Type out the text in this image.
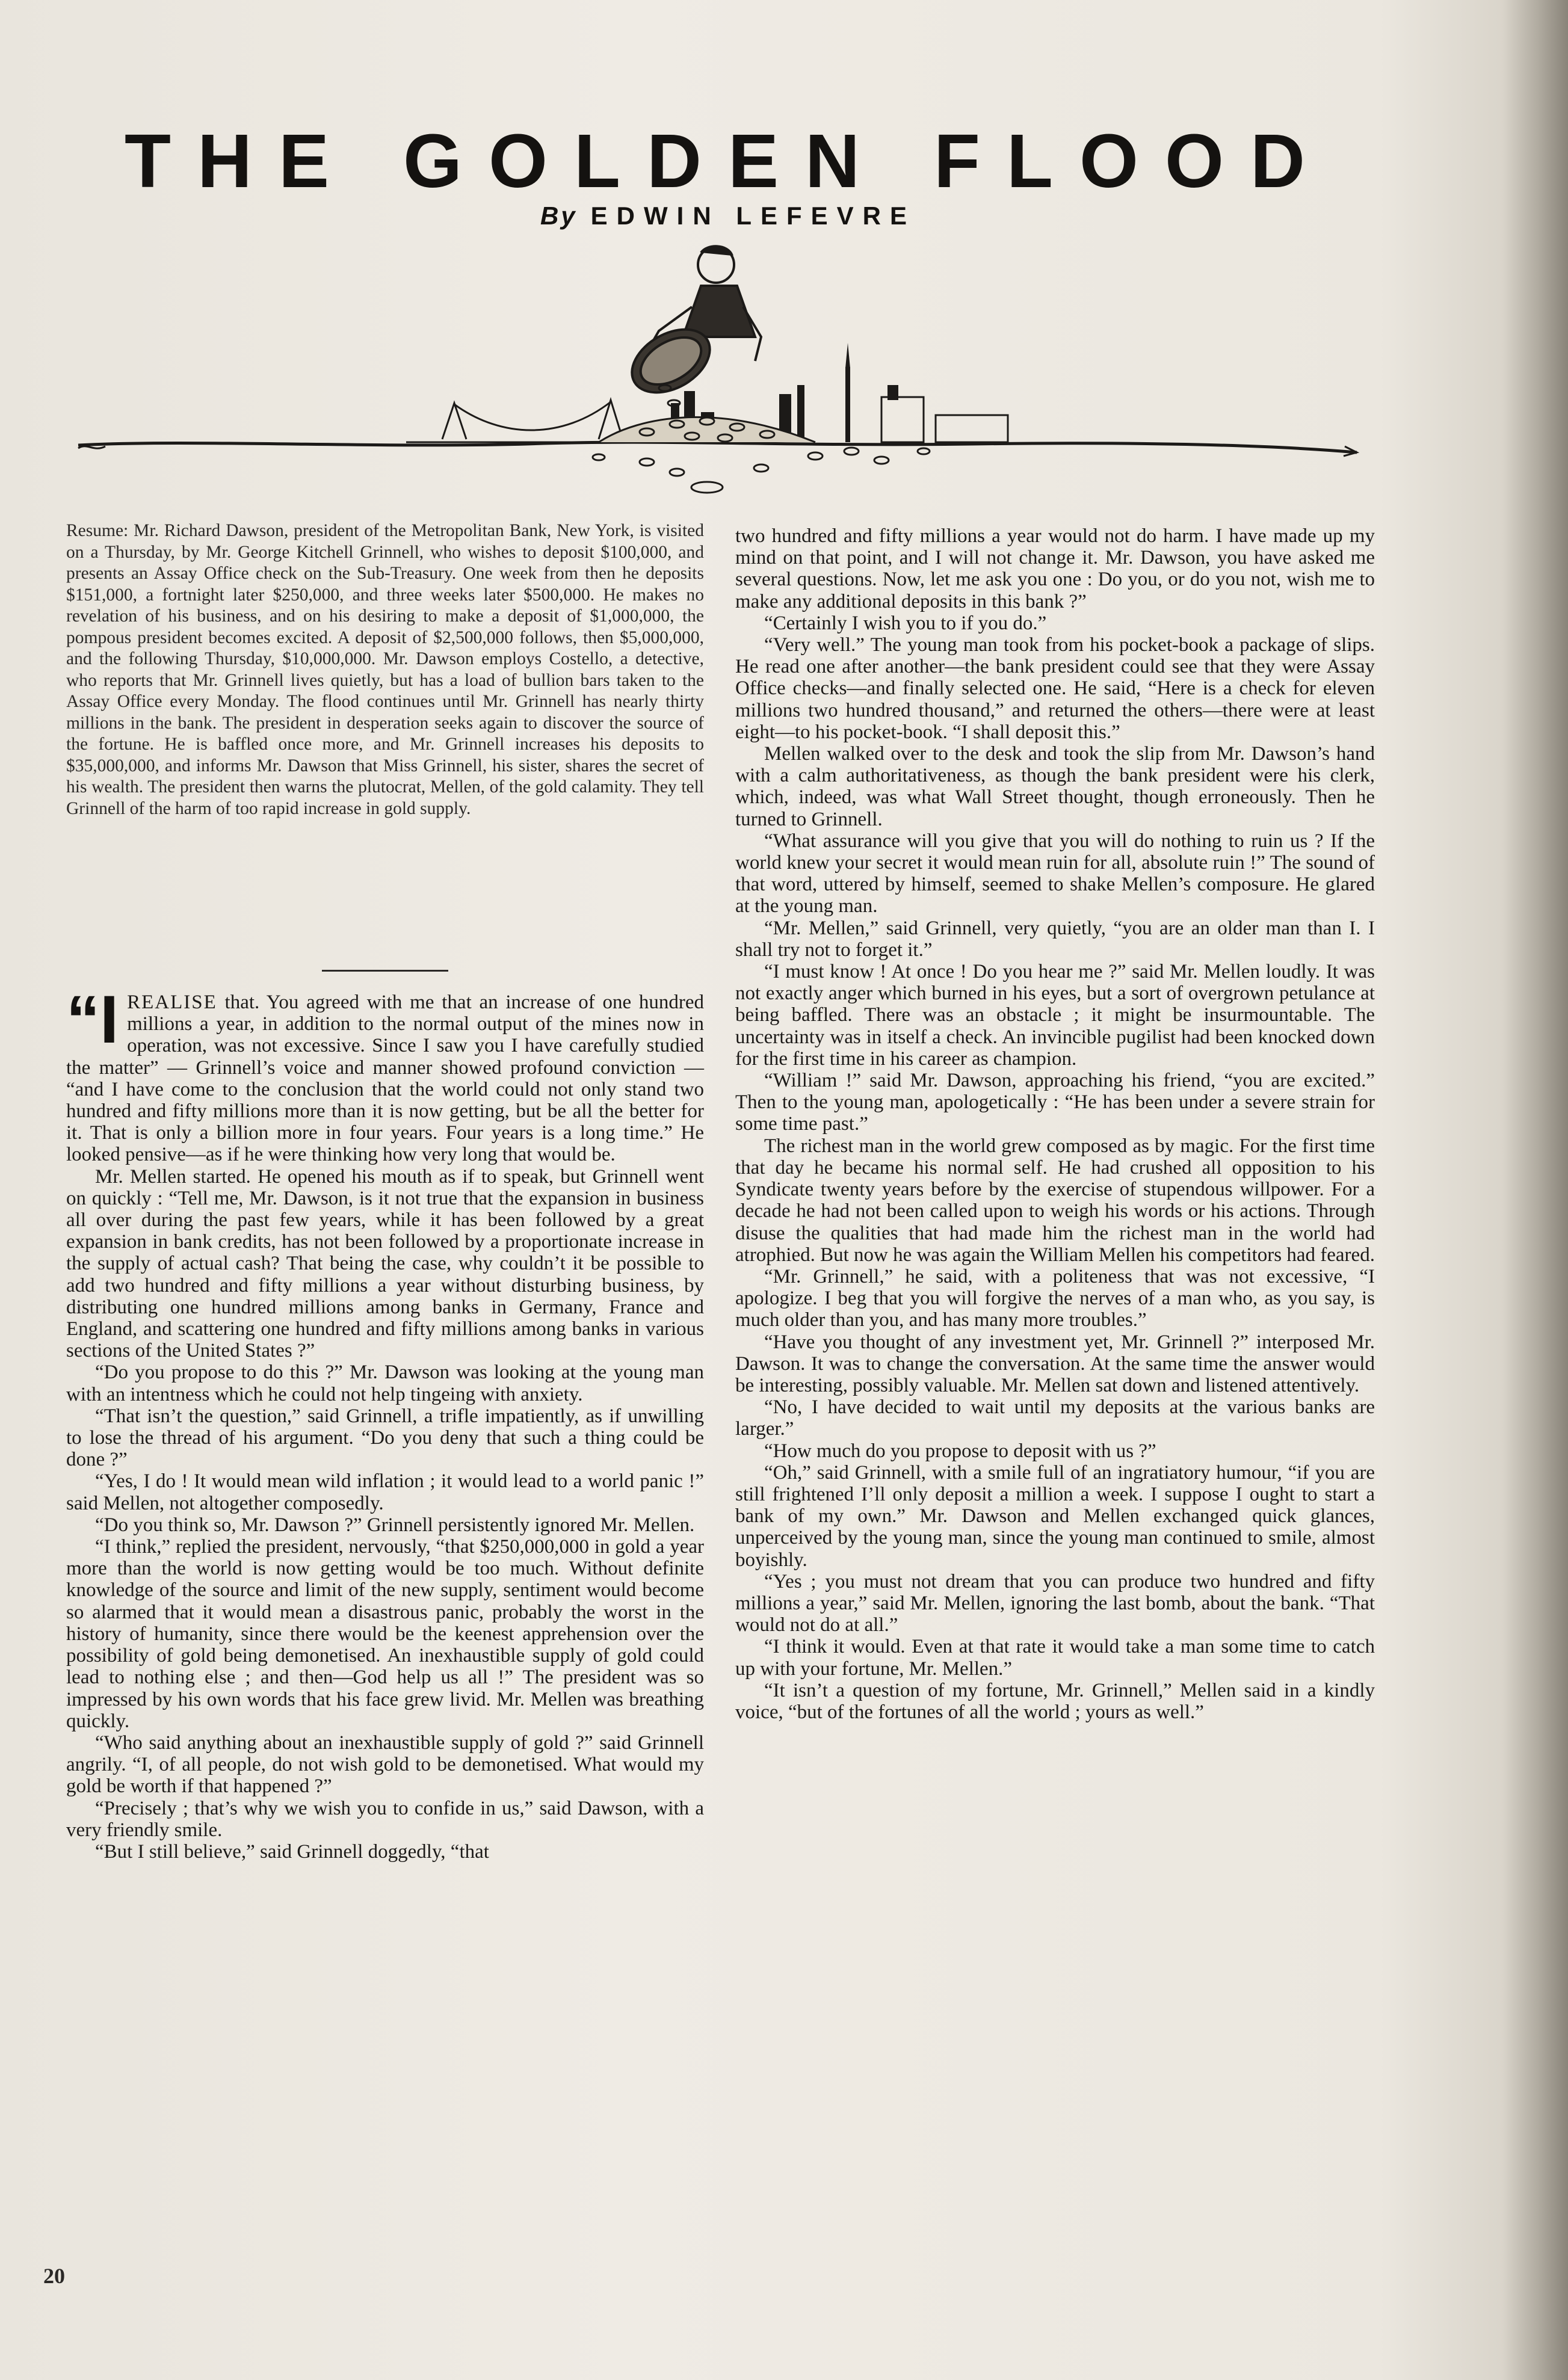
THE GOLDEN FLOOD
By EDWIN LEFEVRE
Resume: Mr. Richard Dawson, president of the Metropolitan Bank, New York, is visited on a Thursday, by Mr. George Kitchell Grinnell, who wishes to deposit $100,000, and presents an Assay Office check on the Sub-Treasury. One week from then he deposits $151,000, a fortnight later $250,000, and three weeks later $500,000. He makes no revelation of his business, and on his desiring to make a deposit of $1,000,000, the pompous president becomes excited. A deposit of $2,500,000 follows, then $5,000,000, and the following Thursday, $10,000,000. Mr. Dawson employs Costello, a detective, who reports that Mr. Grinnell lives quietly, but has a load of bullion bars taken to the Assay Office every Monday. The flood continues until Mr. Grinnell has nearly thirty millions in the bank. The president in desperation seeks again to discover the source of the fortune. He is baffled once more, and Mr. Grinnell increases his deposits to $35,000,000, and informs Mr. Dawson that Miss Grinnell, his sister, shares the secret of his wealth. The president then warns the plutocrat, Mellen, of the gold calamity. They tell Grinnell of the harm of too rapid increase in gold supply.

“I REALISE that. You agreed with me that an increase of one hundred millions a year, in addition to the normal output of the mines now in operation, was not excessive. Since I saw you I have carefully studied the matter” — Grinnell’s voice and manner showed profound conviction — “and I have come to the conclusion that the world could not only stand two hundred and fifty millions more than it is now getting, but be all the better for it. That is only a billion more in four years. Four years is a long time.” He looked pensive—as if he were thinking how very long that would be.

Mr. Mellen started. He opened his mouth as if to speak, but Grinnell went on quickly : “Tell me, Mr. Dawson, is it not true that the expansion in business all over during the past few years, while it has been followed by a great expansion in bank credits, has not been followed by a proportionate increase in the supply of actual cash? That being the case, why couldn’t it be possible to add two hundred and fifty millions a year without disturbing business, by distributing one hundred millions among banks in Germany, France and England, and scattering one hundred and fifty millions among banks in various sections of the United States ?”

“Do you propose to do this ?” Mr. Dawson was looking at the young man with an intentness which he could not help tingeing with anxiety.

“That isn’t the question,” said Grinnell, a trifle impatiently, as if unwilling to lose the thread of his argument. “Do you deny that such a thing could be done ?”

“Yes, I do ! It would mean wild inflation ; it would lead to a world panic !” said Mellen, not altogether composedly.

“Do you think so, Mr. Dawson ?” Grinnell persistently ignored Mr. Mellen.

“I think,” replied the president, nervously, “that $250,000,000 in gold a year more than the world is now getting would be too much. Without definite knowledge of the source and limit of the new supply, sentiment would become so alarmed that it would mean a disastrous panic, probably the worst in the history of humanity, since there would be the keenest apprehension over the possibility of gold being demonetised. An inexhaustible supply of gold could lead to nothing else ; and then—God help us all !” The president was so impressed by his own words that his face grew livid. Mr. Mellen was breathing quickly.

“Who said anything about an inexhaustible supply of gold ?” said Grinnell angrily. “I, of all people, do not wish gold to be demonetised. What would my gold be worth if that happened ?”

“Precisely ; that’s why we wish you to confide in us,” said Dawson, with a very friendly smile.

“But I still believe,” said Grinnell doggedly, “that

two hundred and fifty millions a year would not do harm. I have made up my mind on that point, and I will not change it. Mr. Dawson, you have asked me several questions. Now, let me ask you one : Do you, or do you not, wish me to make any additional deposits in this bank ?”

“Certainly I wish you to if you do.”

“Very well.” The young man took from his pocket-book a package of slips. He read one after another—the bank president could see that they were Assay Office checks—and finally selected one. He said, “Here is a check for eleven millions two hundred thousand,” and returned the others—there were at least eight—to his pocket-book. “I shall deposit this.”

Mellen walked over to the desk and took the slip from Mr. Dawson’s hand with a calm authoritativeness, as though the bank president were his clerk, which, indeed, was what Wall Street thought, though erroneously. Then he turned to Grinnell.

“What assurance will you give that you will do nothing to ruin us ? If the world knew your secret it would mean ruin for all, absolute ruin !” The sound of that word, uttered by himself, seemed to shake Mellen’s composure. He glared at the young man.

“Mr. Mellen,” said Grinnell, very quietly, “you are an older man than I. I shall try not to forget it.”

“I must know ! At once ! Do you hear me ?” said Mr. Mellen loudly. It was not exactly anger which burned in his eyes, but a sort of overgrown petulance at being baffled. There was an obstacle ; it might be insurmountable. The uncertainty was in itself a check. An invincible pugilist had been knocked down for the first time in his career as champion.

“William !” said Mr. Dawson, approaching his friend, “you are excited.” Then to the young man, apologetically : “He has been under a severe strain for some time past.”

The richest man in the world grew composed as by magic. For the first time that day he became his normal self. He had crushed all opposition to his Syndicate twenty years before by the exercise of stupendous willpower. For a decade he had not been called upon to weigh his words or his actions. Through disuse the qualities that had made him the richest man in the world had atrophied. But now he was again the William Mellen his competitors had feared.

“Mr. Grinnell,” he said, with a politeness that was not excessive, “I apologize. I beg that you will forgive the nerves of a man who, as you say, is much older than you, and has many more troubles.”

“Have you thought of any investment yet, Mr. Grinnell ?” interposed Mr. Dawson. It was to change the conversation. At the same time the answer would be interesting, possibly valuable. Mr. Mellen sat down and listened attentively.

“No, I have decided to wait until my deposits at the various banks are larger.”

“How much do you propose to deposit with us ?”

“Oh,” said Grinnell, with a smile full of an ingratiatory humour, “if you are still frightened I’ll only deposit a million a week. I suppose I ought to start a bank of my own.” Mr. Dawson and Mellen exchanged quick glances, unperceived by the young man, since the young man continued to smile, almost boyishly.

“Yes ; you must not dream that you can produce two hundred and fifty millions a year,” said Mr. Mellen, ignoring the last bomb, about the bank. “That would not do at all.”

“I think it would. Even at that rate it would take a man some time to catch up with your fortune, Mr. Mellen.”

“It isn’t a question of my fortune, Mr. Grinnell,” Mellen said in a kindly voice, “but of the fortunes of all the world ; yours as well.”

20
